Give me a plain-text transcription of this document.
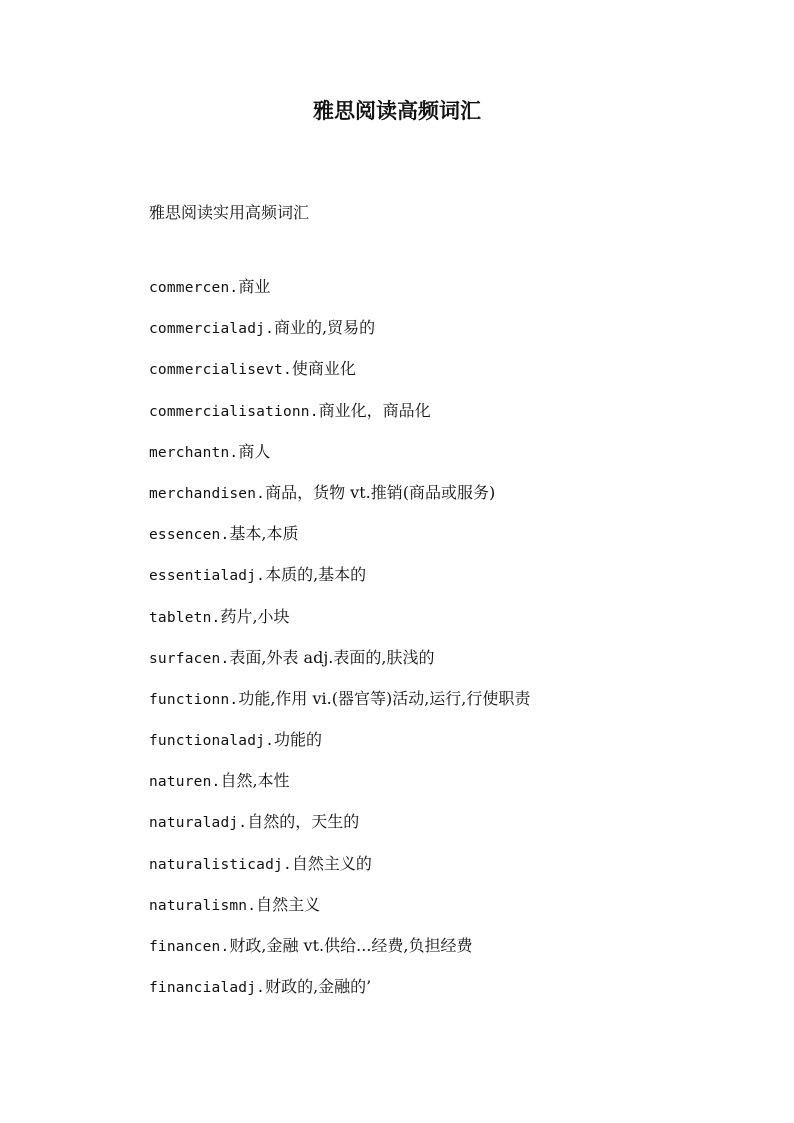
雅思阅读高频词汇

雅思阅读实用高频词汇

commercen.商业
commercialadj.商业的,贸易的
commercialisevt.使商业化
commercialisationn.商业化，商品化
merchantn.商人
merchandisen.商品，货物 vt.推销(商品或服务)
essencen.基本,本质
essentialadj.本质的,基本的
tabletn.药片,小块
surfacen.表面,外表 adj.表面的,肤浅的
functionn.功能,作用 vi.(器官等)活动,运行,行使职责
functionaladj.功能的
naturen.自然,本性
naturaladj.自然的，天生的
naturalisticadj.自然主义的
naturalismn.自然主义
financen.财政,金融 vt.供给...经费,负担经费
financialadj.财政的,金融的’
